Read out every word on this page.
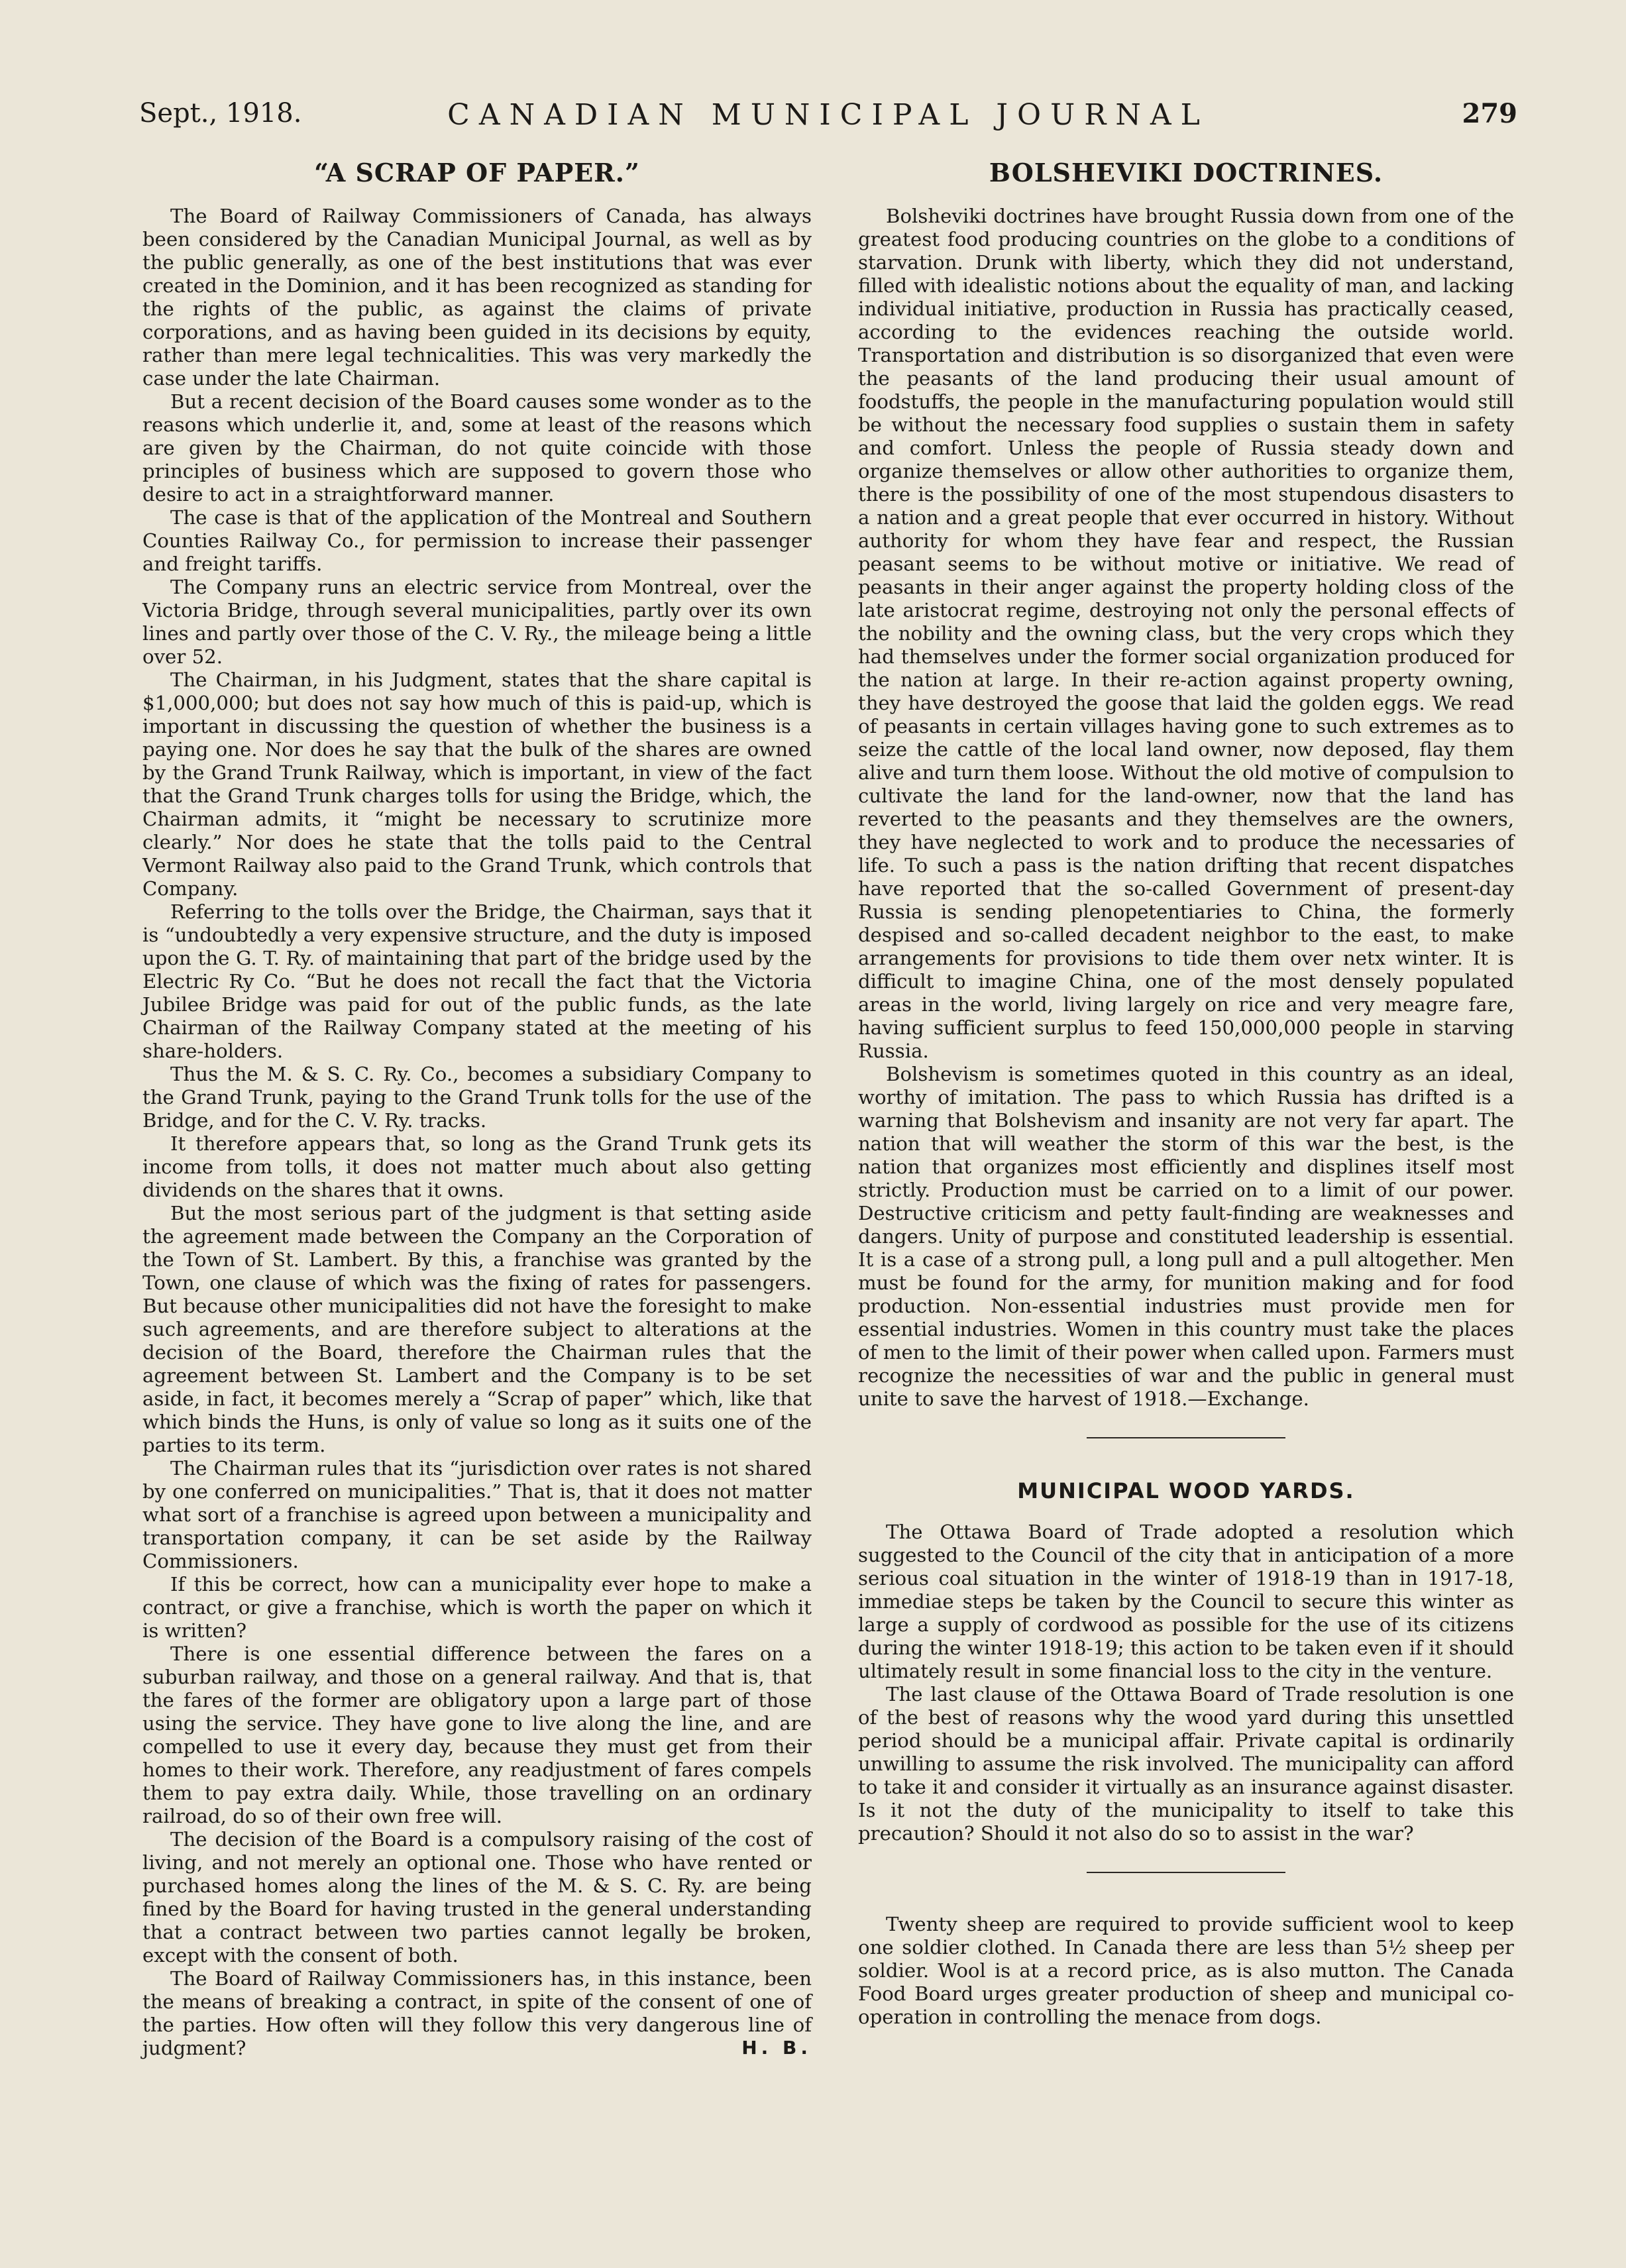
Sept., 1918.	CANADIAN MUNICIPAL JOURNAL	279
“A SCRAP OF PAPER.”

The Board of Railway Commissioners of Canada, has always been considered by the Canadian Municipal Journal, as well as by the public generally, as one of the best institutions that was ever created in the Dominion, and it has been recognized as standing for the rights of the public, as against the claims of private corporations, and as having been guided in its decisions by equity, rather than mere legal technicalities. This was very markedly the case under the late Chairman.

But a recent decision of the Board causes some wonder as to the reasons which underlie it, and, some at least of the reasons which are given by the Chairman, do not quite coincide with those principles of business which are supposed to govern those who desire to act in a straightforward manner.

The case is that of the application of the Montreal and Southern Counties Railway Co., for permission to increase their passenger and freight tariffs.

The Company runs an electric service from Montreal, over the Victoria Bridge, through several municipalities, partly over its own lines and partly over those of the C. V. Ry., the mileage being a little over 52.

The Chairman, in his Judgment, states that the share capital is $1,000,000; but does not say how much of this is paid-up, which is important in discussing the question of whether the business is a paying one. Nor does he say that the bulk of the shares are owned by the Grand Trunk Railway, which is important, in view of the fact that the Grand Trunk charges tolls for using the Bridge, which, the Chairman admits, it “might be necessary to scrutinize more clearly.” Nor does he state that the tolls paid to the Central Vermont Railway also paid to the Grand Trunk, which controls that Company.

Referring to the tolls over the Bridge, the Chairman, says that it is “undoubtedly a very expensive structure, and the duty is imposed upon the G. T. Ry. of maintaining that part of the bridge used by the Electric Ry Co. “But he does not recall the fact that the Victoria Jubilee Bridge was paid for out of the public funds, as the late Chairman of the Railway Company stated at the meeting of his share-holders.

Thus the M. & S. C. Ry. Co., becomes a subsidiary Company to the Grand Trunk, paying to the Grand Trunk tolls for the use of the Bridge, and for the C. V. Ry. tracks.

It therefore appears that, so long as the Grand Trunk gets its income from tolls, it does not matter much about also getting dividends on the shares that it owns.

But the most serious part of the judgment is that setting aside the agreement made between the Company an the Corporation of the Town of St. Lambert. By this, a franchise was granted by the Town, one clause of which was the fixing of rates for passengers. But because other municipalities did not have the foresight to make such agreements, and are therefore subject to alterations at the decision of the Board, therefore the Chairman rules that the agreement between St. Lambert and the Company is to be set aside, in fact, it becomes merely a “Scrap of paper” which, like that which binds the Huns, is only of value so long as it suits one of the parties to its term.

The Chairman rules that its “jurisdiction over rates is not shared by one conferred on municipalities.” That is, that it does not matter what sort of a franchise is agreed upon between a municipality and transportation company, it can be set aside by the Railway Commissioners.

If this be correct, how can a municipality ever hope to make a contract, or give a franchise, which is worth the paper on which it is written?

There is one essential difference between the fares on a suburban railway, and those on a general railway. And that is, that the fares of the former are obligatory upon a large part of those using the service. They have gone to live along the line, and are compelled to use it every day, because they must get from their homes to their work. Therefore, any readjustment of fares compels them to pay extra daily. While, those travelling on an ordinary railroad, do so of their own free will.

The decision of the Board is a compulsory raising of the cost of living, and not merely an optional one. Those who have rented or purchased homes along the lines of the M. & S. C. Ry. are being fined by the Board for having trusted in the general understanding that a contract between two parties cannot legally be broken, except with the consent of both.

The Board of Railway Commissioners has, in this instance, been the means of breaking a contract, in spite of the consent of one of the parties. How often will they follow this very dangerous line of judgment?	H. B.
BOLSHEVIKI DOCTRINES.

Bolsheviki doctrines have brought Russia down from one of the greatest food producing countries on the globe to a conditions of starvation. Drunk with liberty, which they did not understand, filled with idealistic notions about the equality of man, and lacking individual initiative, production in Russia has practically ceased, according to the evidences reaching the outside world. Transportation and distribution is so disorganized that even were the peasants of the land producing their usual amount of foodstuffs, the people in the manufacturing population would still be without the necessary food supplies o sustain them in safety and comfort. Unless the people of Russia steady down and organize themselves or allow other authorities to organize them, there is the possibility of one of the most stupendous disasters to a nation and a great people that ever occurred in history. Without authority for whom they have fear and respect, the Russian peasant seems to be without motive or initiative. We read of peasants in their anger against the property holding closs of the late aristocrat regime, destroying not only the personal effects of the nobility and the owning class, but the very crops which they had themselves under the former social organization produced for the nation at large. In their re-action against property owning, they have destroyed the goose that laid the golden eggs. We read of peasants in certain villages having gone to such extremes as to seize the cattle of the local land owner, now deposed, flay them alive and turn them loose. Without the old motive of compulsion to cultivate the land for the land-owner, now that the land has reverted to the peasants and they themselves are the owners, they have neglected to work and to produce the necessaries of life. To such a pass is the nation drifting that recent dispatches have reported that the so-called Government of present-day Russia is sending plenopetentiaries to China, the formerly despised and so-called decadent neighbor to the east, to make arrangements for provisions to tide them over netx winter. It is difficult to imagine China, one of the most densely populated areas in the world, living largely on rice and very meagre fare, having sufficient surplus to feed 150,000,000 people in starving Russia.

Bolshevism is sometimes quoted in this country as an ideal, worthy of imitation. The pass to which Russia has drifted is a warning that Bolshevism and insanity are not very far apart. The nation that will weather the storm of this war the best, is the nation that organizes most efficiently and displines itself most strictly. Production must be carried on to a limit of our power. Destructive criticism and petty fault-finding are weaknesses and dangers. Unity of purpose and constituted leadership is essential. It is a case of a strong pull, a long pull and a pull altogether. Men must be found for the army, for munition making and for food production. Non-essential industries must provide men for essential industries. Women in this country must take the places of men to the limit of their power when called upon. Farmers must recognize the necessities of war and the public in general must unite to save the harvest of 1918.—Exchange.

MUNICIPAL WOOD YARDS.

The Ottawa Board of Trade adopted a resolution which suggested to the Council of the city that in anticipation of a more serious coal situation in the winter of 1918-19 than in 1917-18, immediae steps be taken by the Council to secure this winter as large a supply of cordwood as possible for the use of its citizens during the winter 1918-19; this action to be taken even if it should ultimately result in some financial loss to the city in the venture.

The last clause of the Ottawa Board of Trade resolution is one of the best of reasons why the wood yard during this unsettled period should be a municipal affair. Private capital is ordinarily unwilling to assume the risk involved. The municipality can afford to take it and consider it virtually as an insurance against disaster. Is it not the duty of the municipality to itself to take this precaution? Should it not also do so to assist in the war?

Twenty sheep are required to provide sufficient wool to keep one soldier clothed. In Canada there are less than 5½ sheep per soldier. Wool is at a record price, as is also mutton. The Canada Food Board urges greater production of sheep and municipal co-operation in controlling the menace from dogs.
